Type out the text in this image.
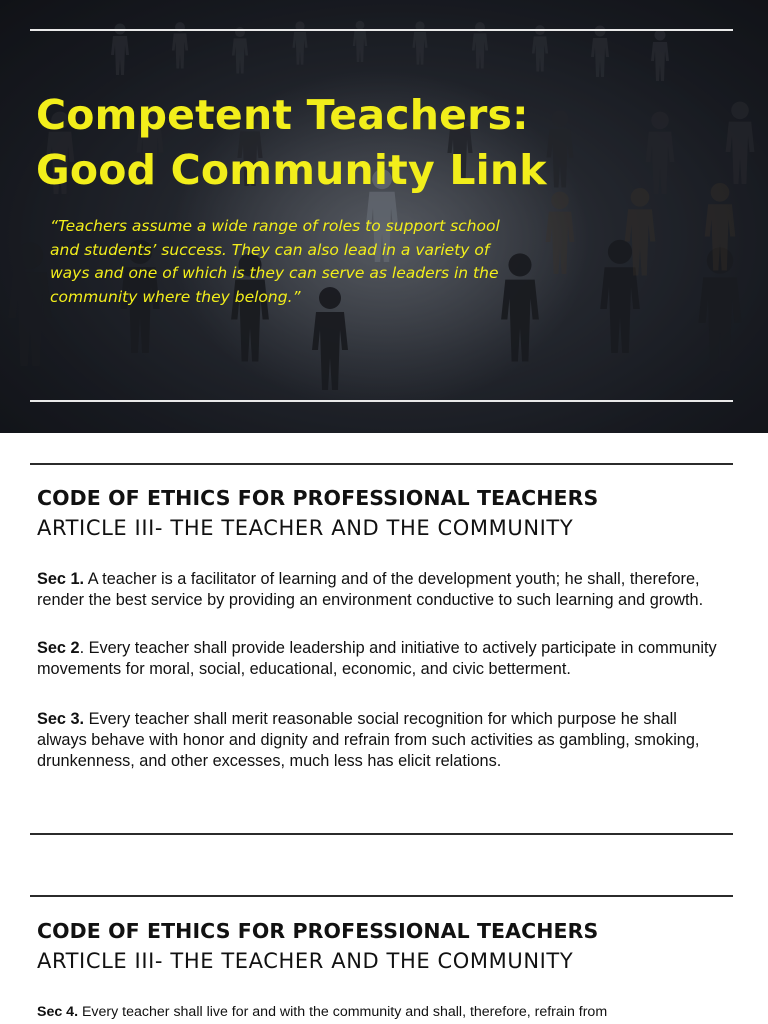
Competent Teachers:
Good Community Link

“Teachers assume a wide range of roles to support school and students’ success. They can also lead in a variety of ways and one of which is they can serve as leaders in the community where they belong.”

CODE OF ETHICS FOR PROFESSIONAL TEACHERS
ARTICLE III- THE TEACHER AND THE COMMUNITY

Sec 1. A teacher is a facilitator of learning and of the development youth; he shall, therefore, render the best service by providing an environment conductive to such learning and growth.

Sec 2. Every teacher shall provide leadership and initiative to actively participate in community movements for moral, social, educational, economic, and civic betterment.

Sec 3. Every teacher shall merit reasonable social recognition for which purpose he shall always behave with honor and dignity and refrain from such activities as gambling, smoking, drunkenness, and other excesses, much less has elicit relations.

CODE OF ETHICS FOR PROFESSIONAL TEACHERS
ARTICLE III- THE TEACHER AND THE COMMUNITY

Sec 4. Every teacher shall live for and with the community and shall, therefore, refrain from
